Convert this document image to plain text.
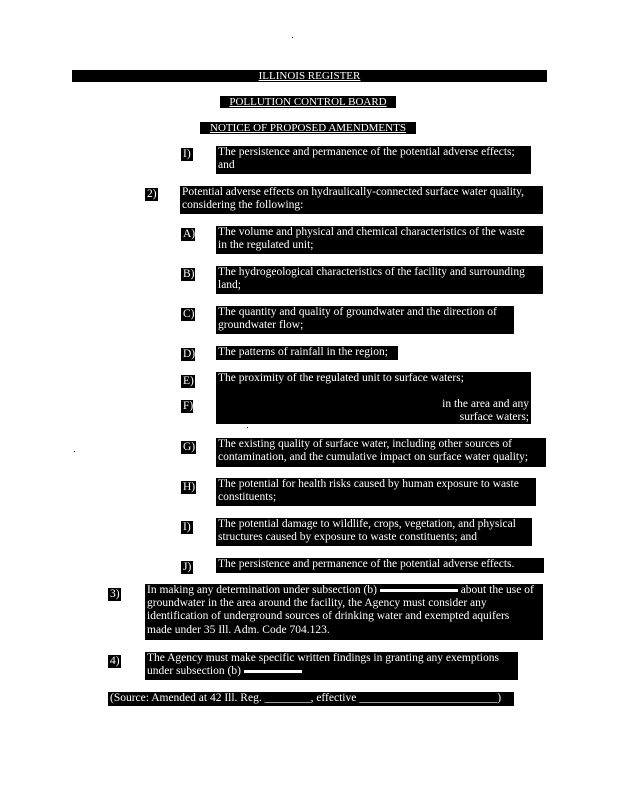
ILLINOIS REGISTER
POLLUTION CONTROL BOARD
NOTICE OF PROPOSED AMENDMENTS
I) The persistence and permanence of the potential adverse effects;
and
2) Potential adverse effects on hydraulically-connected surface water quality,
considering the following:
A) The volume and physical and chemical characteristics of the waste
in the regulated unit;
B) The hydrogeological characteristics of the facility and surrounding
land;
C) The quantity and quality of groundwater and the direction of
groundwater flow;
D) The patterns of rainfall in the region;
E) The proximity of the regulated unit to surface waters;
F)	in the area and any
surface waters;
G) The existing quality of surface water, including other sources of
contamination, and the cumulative impact on surface water quality;
H) The potential for health risks caused by human exposure to waste
constituents;
I) The potential damage to wildlife, crops, vegetation, and physical
structures caused by exposure to waste constituents; and
J) The persistence and permanence of the potential adverse effects.
3) In making any determination under subsection (b)	about the use of
groundwater in the area around the facility, the Agency must consider any
identification of underground sources of drinking water and exempted aquifers
made under 35 Ill. Adm. Code 704.123.
4) The Agency must make specific written findings in granting any exemptions
under subsection (b)
(Source: Amended at 42 Ill. Reg. ________, effective ________________________)
